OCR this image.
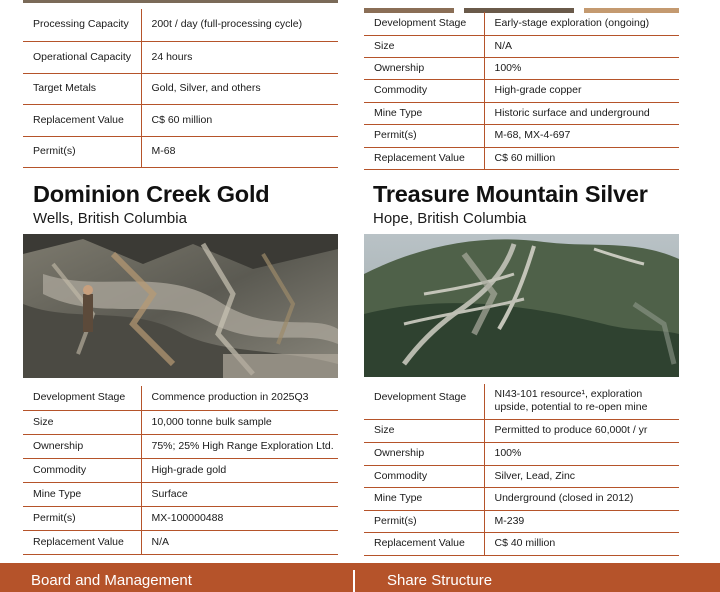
Processing Capacity	200t / day (full-processing cycle)
Operational Capacity	24 hours
Target Metals	Gold, Silver, and others
Replacement Value	C$ 60 million
Permit(s)	M-68
Development Stage	Early-stage exploration (ongoing)
Size	N/A
Ownership	100%
Commodity	High-grade copper
Mine Type	Historic surface and underground
Permit(s)	M-68, MX-4-697
Replacement Value	C$ 60 million
Dominion Creek Gold

Wells, British Columbia

Development Stage	Commence production in 2025Q3
Size	10,000 tonne bulk sample
Ownership	75%; 25% High Range Exploration Ltd.
Commodity	High-grade gold
Mine Type	Surface
Permit(s)	MX-100000488
Replacement Value	N/A
Treasure Mountain Silver

Hope, British Columbia

Development Stage	NI43-101 resource¹, exploration upside, potential to re-open mine
Size	Permitted to produce 60,000t / yr
Ownership	100%
Commodity	Silver, Lead, Zinc
Mine Type	Underground (closed in 2012)
Permit(s)	M-239
Replacement Value	C$ 40 million
Board and Management	Share Structure
